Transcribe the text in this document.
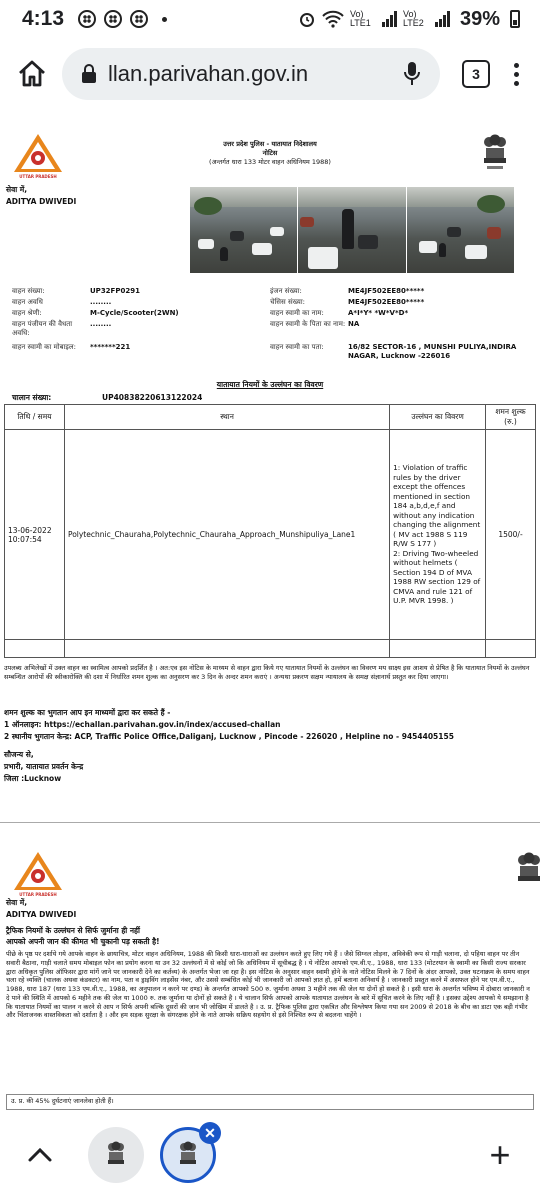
4:13	Vo) LTE1
Vo) LTE2 39%
llan.parivahan.gov.in	3
UTTAR PRADESH
उत्तर प्रदेश पुलिस - यातायात निदेशालय
नोटिस
(अन्तर्गत धारा 133 मोटर वाहन अधिनियम 1988)
सेवा में,
ADITYA DWIVEDI
वाहन संख्या:	UP32FP0291
वाहन अवधि	........
वाहन श्रेणी:	M-Cycle/Scooter(2WN)
वाहन पंजीयन की वैधता अवधि:
........
वाहन स्वामी का मोबाइल:	*******221
इंजन संख्या:	ME4JF502EE80*****
चेसिस संख्या:	ME4JF502EE80*****
वाहन स्वामी का नाम:	A*I*Y* *W*V*D*
वाहन स्वामी के पिता का नाम: NA
वाहन स्वामी का पता:	16/82 SECTOR-16 , MUNSHI PULIYA,INDIRA NAGAR, Lucknow -226016
यातायात नियमों के उल्लंघन का विवरण
चालान संख्या:	UP40838220613122024
तिथि / समय	स्थान	उल्लंघन का विवरण	शमन शुल्क (रु.)
13-06-2022 10:07:54	Polytechnic_Chauraha,Polytechnic_Chauraha_Approach_Munshipuliya_Lane1	1: Violation of traffic rules by the driver except the offences mentioned in section 184 a,b,d,e,f and without any indication changing the alignment ( MV act 1988 S 119 R/W S 177 )
2: Driving Two-wheeled without helmets ( Section 194 D of MVA 1988 RW section 129 of CMVA and rule 121 of U.P. MVR 1998. )	1500/-

उपलब्ध अभिलेखों में उक्त वाहन का स्वामित्व आपको प्रदर्शित है । अत:एव इस नोटिस के माध्यम से वाहन द्वारा किये गए यातायात नियमों के उल्लंघन का विवरण मय साक्ष्य इस आशय से प्रेषित है कि यातायात नियमों के उल्लंघन सम्बन्धित आरोपों की स्वीकारोक्ति की दशा में निर्धारित शमन शुल्क का अनुसरण कर 3 दिन के अन्दर शमन कराएं । अन्यथा प्रकरण सक्षम न्यायालय के समक्ष संज्ञानार्थ प्रस्तुत कर दिया जाएगा।
शमन शुल्क का भुगतान आप इन माध्यमों द्वारा कर सकते हैं -
1 ऑनलाइन: https://echallan.parivahan.gov.in/index/accused-challan
2 स्थानीय भुगतान केन्द्र: ACP, Traffic Police Office,Daliganj, Lucknow , Pincode - 226020 , Helpline no - 9454405155
सौजन्य से,
प्रभारी, यातायात प्रवर्तन केन्द्र
जिला :Lucknow
UTTAR PRADESH
सेवा में,
ADITYA DWIVEDI
ट्रैफिक नियमों के उल्लंघन से सिर्फ जुर्माना ही नहीं
आपको अपनी जान की कीमत भी चुकानी पड़ सकती है!
पीछे के पृष्ठ पर दर्शाये गये आपके वाहन के छायाचित्र, मोटर वाहन अधिनियम, 1988 की किसी धारा-धाराओं का उल्लंघन करते हुए लिए गये हैं । जैसे सिग्नल तोड़ना, अविवेकी रूप से गाड़ी चलाना, दो पहिया वाहन पर तीन सवारी बैठाना, गाड़ी चलाते समय मोबाइल फोन का प्रयोग करना या उन 32 उल्लंघनों में से कोई जो कि अधिनियम में सूचीबद्ध है । ये नोटिस आपको एम.वी.ए., 1988, धारा 133 (मोटरयान के स्वामी का किसी राज्य सरकार द्वारा अधिकृत पुलिस ऑफिसर द्वारा मांगें जाने पर जानकारी देने का कर्तव्य) के अन्तर्गत भेजा जा रहा है। इस नोटिस के अनुसार वाहन स्वामी होने के नाते नोटिस मिलने के 7 दिनों के अंदर आपको, उक्त घटनाक्रम के समय वाहन चला रहे व्यक्ति (चालक अथवा कंडक्टर) का नाम, पता व ड्राइविंग लाइसेंस नंबर, और उससे सम्बंधित कोई भी जानकारी जो आपको ज्ञात हो, हमें बताना अनिवार्य है । जानकारी प्रस्तुत करने में असफल होने पर एम.वी.ए., 1988, धारा 187 (धारा 133 एम.वी.ए., 1988, का अनुपालन न करने पर दण्ड) के अन्तर्गत आपको 500 रु. जुर्माना अथवा 3 महीने तक की जेल या दोनों हो सकते है । इसी धारा के अन्तर्गत भविष्य में दोबारा जानकारी न दे पाने की स्थिति में आपको 6 महीने तक की जेल या 1000 रु. तक जुर्माना या दोनों हो सकते है । ये चालान सिर्फ आपको आपके यातायात उल्लंघन के बारे में सूचित करने के लिए नहीं है । इसका उद्देश्य आपको ये समझाना है कि यातायात नियमों का पालन न करने से आप न सिर्फ अपनी बल्कि दूसरों की जान भी जोखिम में डालते है । उ. प्र. ट्रैफिक पुलिस द्वारा एकत्रित और विश्लेषण किया गया सन 2009 से 2018 के बीच का डाटा एक बड़ी गंभीर और चिंताजनक वास्तविकता को दर्शाता है । और हम सड़क सुरक्षा के संगरक्षक होने के नाते आपके सक्रिय सहयोग से इसे निश्चित रूप से बदलना चाहेंगे ।
उ. प्र. की 45% दुर्घटनाएं जानलेवा होती हैं।
✕
+
